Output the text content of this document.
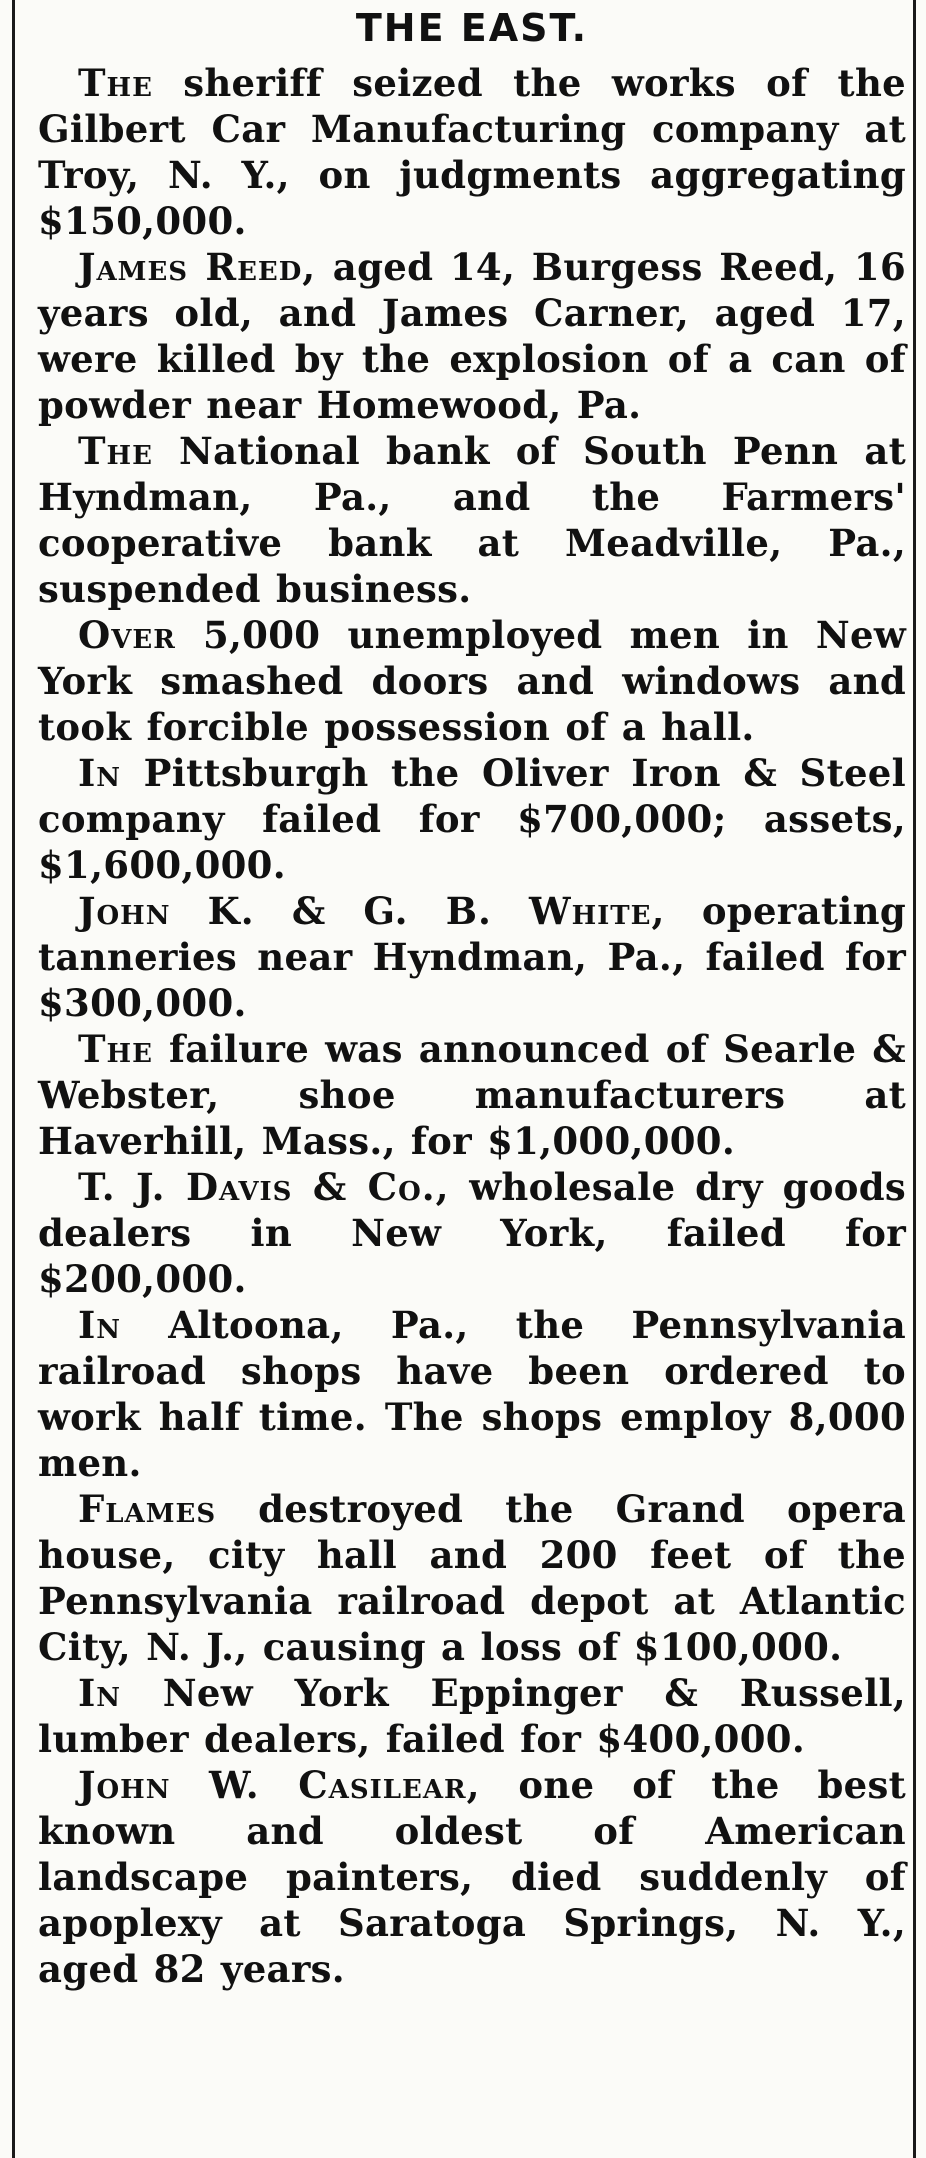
THE EAST.

The sheriff seized the works of the Gilbert Car Manufacturing company at Troy, N. Y., on judgments aggregating $150,000.

James Reed, aged 14, Burgess Reed, 16 years old, and James Carner, aged 17, were killed by the explosion of a can of powder near Homewood, Pa.

The National bank of South Penn at Hyndman, Pa., and the Farmers' cooperative bank at Meadville, Pa., suspended business.

Over 5,000 unemployed men in New York smashed doors and windows and took forcible possession of a hall.

In Pittsburgh the Oliver Iron & Steel company failed for $700,000; assets, $1,600,000.

John K. & G. B. White, operating tanneries near Hyndman, Pa., failed for $300,000.

The failure was announced of Searle & Webster, shoe manufacturers at Haverhill, Mass., for $1,000,000.

T. J. Davis & Co., wholesale dry goods dealers in New York, failed for $200,000.

In Altoona, Pa., the Pennsylvania railroad shops have been ordered to work half time. The shops employ 8,000 men.

Flames destroyed the Grand opera house, city hall and 200 feet of the Pennsylvania railroad depot at Atlantic City, N. J., causing a loss of $100,000.

In New York Eppinger & Russell, lumber dealers, failed for $400,000.

John W. Casilear, one of the best known and oldest of American landscape painters, died suddenly of apoplexy at Saratoga Springs, N. Y., aged 82 years.
